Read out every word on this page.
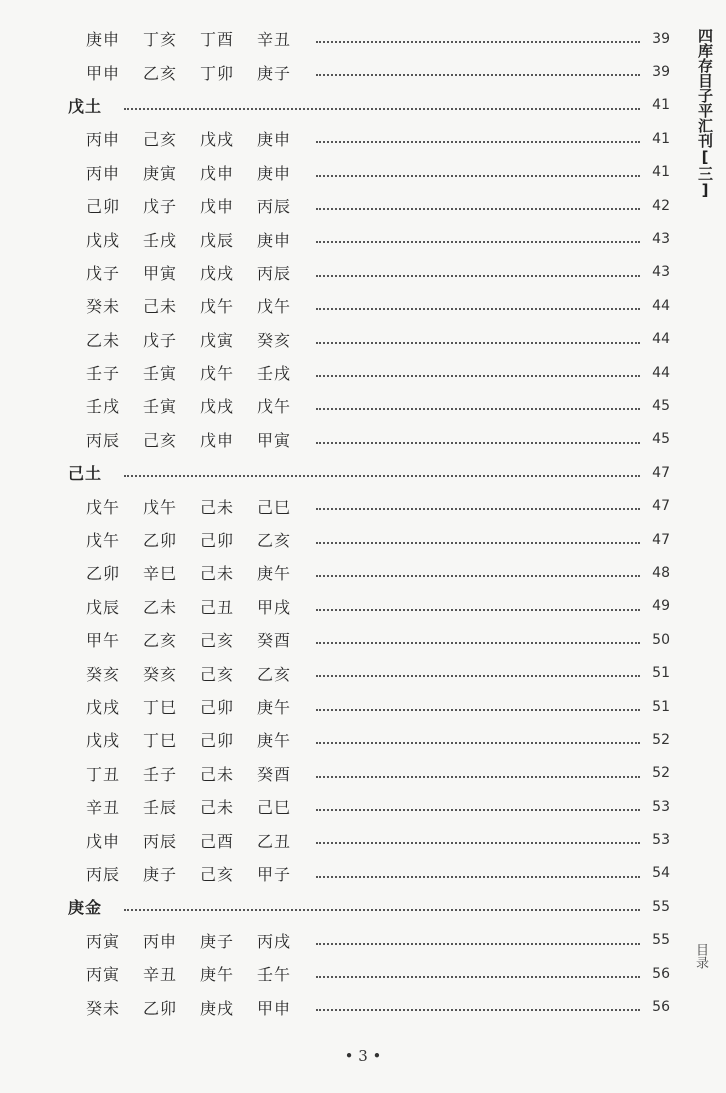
庚申	丁亥	丁酉	辛丑	39
甲申	乙亥	丁卯	庚子	39
戊土	41
丙申	己亥	戊戌	庚申	41
丙申	庚寅	戊申	庚申	41
己卯	戊子	戊申	丙辰	42
戊戌	壬戌	戊辰	庚申	43
戊子	甲寅	戊戌	丙辰	43
癸未	己未	戊午	戊午	44
乙未	戊子	戊寅	癸亥	44
壬子	壬寅	戊午	壬戌	44
壬戌	壬寅	戊戌	戊午	45
丙辰	己亥	戊申	甲寅	45
己土	47
戊午	戊午	己未	己巳	47
戊午	乙卯	己卯	乙亥	47
乙卯	辛巳	己未	庚午	48
戊辰	乙未	己丑	甲戌	49
甲午	乙亥	己亥	癸酉	50
癸亥	癸亥	己亥	乙亥	51
戊戌	丁巳	己卯	庚午	51
戊戌	丁巳	己卯	庚午	52
丁丑	壬子	己未	癸酉	52
辛丑	壬辰	己未	己巳	53
戊申	丙辰	己酉	乙丑	53
丙辰	庚子	己亥	甲子	54
庚金	55
丙寅	丙申	庚子	丙戌	55
丙寅	辛丑	庚午	壬午	56
癸未	乙卯	庚戌	甲申	56
四库存目子平汇刊[三]
目录
• 3 •
